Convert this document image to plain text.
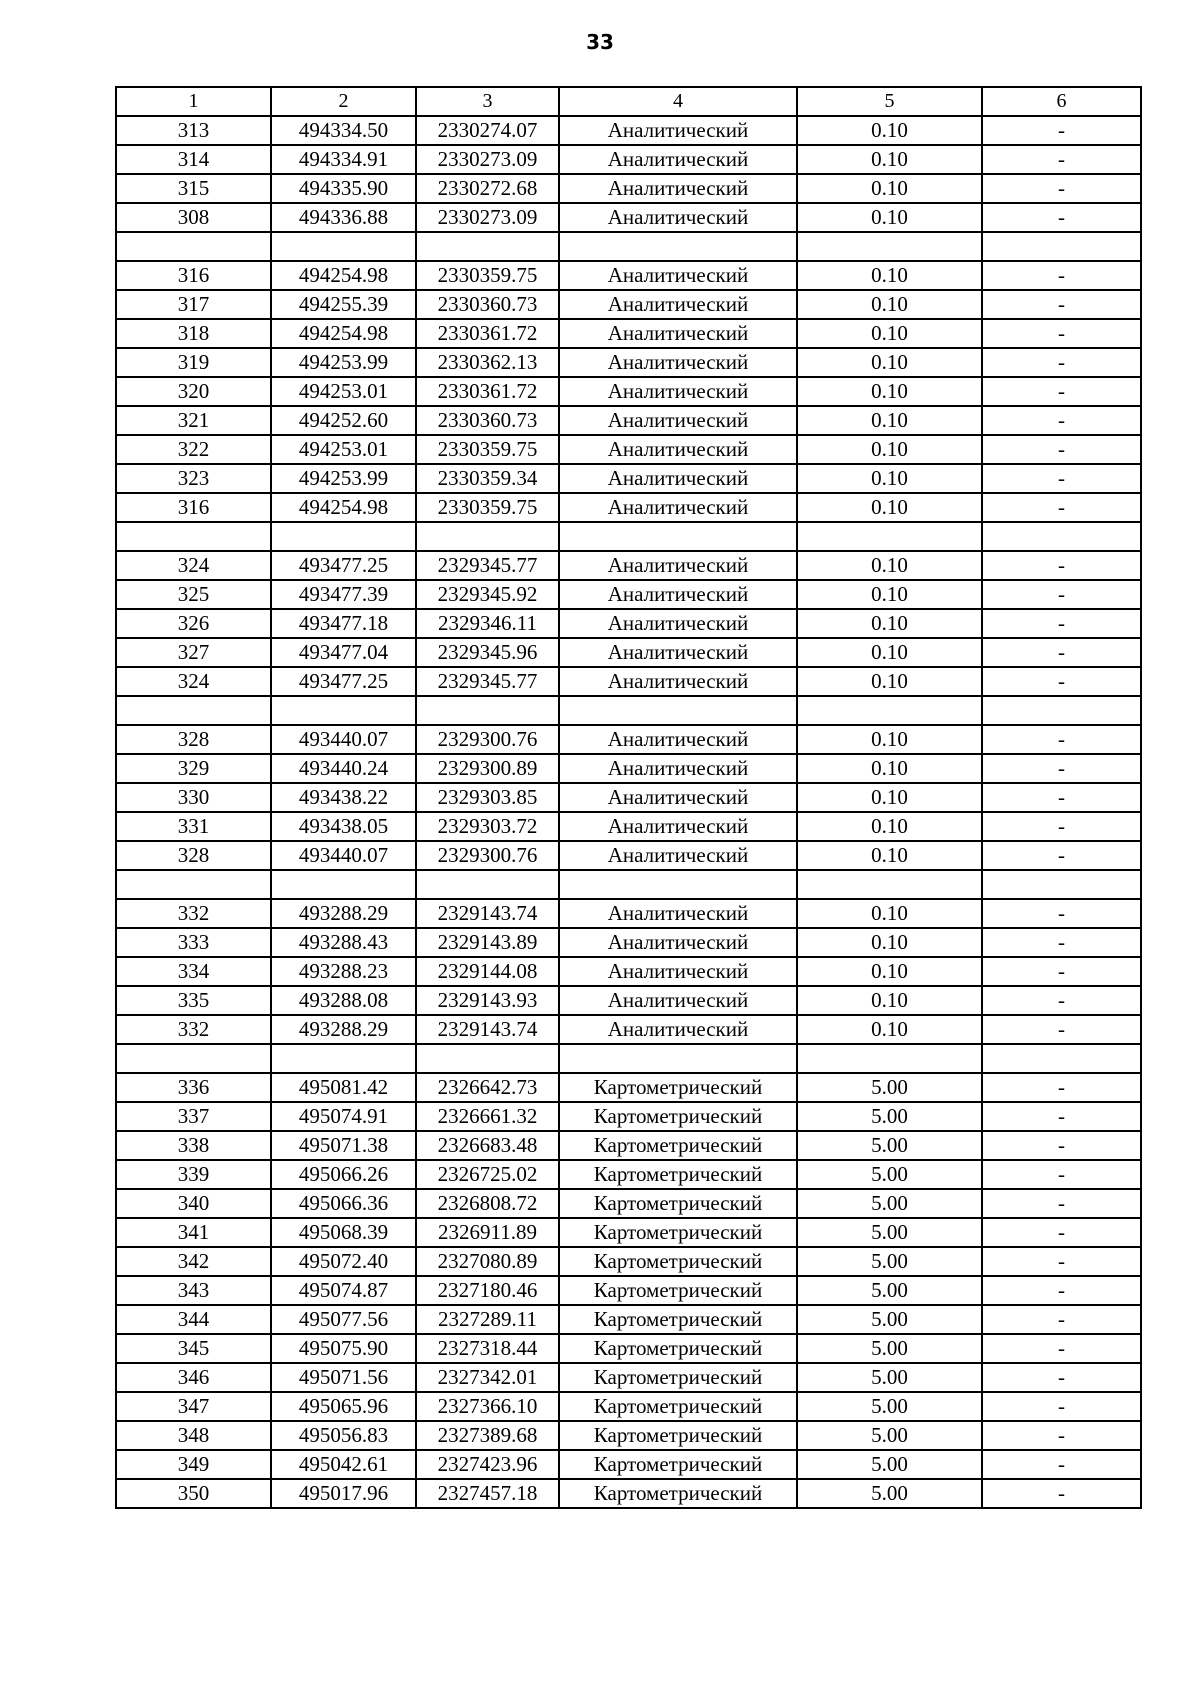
33
1	2	3	4	5	6
313	494334.50	2330274.07	Аналитический	0.10	-
314	494334.91	2330273.09	Аналитический	0.10	-
315	494335.90	2330272.68	Аналитический	0.10	-
308	494336.88	2330273.09	Аналитический	0.10	-

316	494254.98	2330359.75	Аналитический	0.10	-
317	494255.39	2330360.73	Аналитический	0.10	-
318	494254.98	2330361.72	Аналитический	0.10	-
319	494253.99	2330362.13	Аналитический	0.10	-
320	494253.01	2330361.72	Аналитический	0.10	-
321	494252.60	2330360.73	Аналитический	0.10	-
322	494253.01	2330359.75	Аналитический	0.10	-
323	494253.99	2330359.34	Аналитический	0.10	-
316	494254.98	2330359.75	Аналитический	0.10	-

324	493477.25	2329345.77	Аналитический	0.10	-
325	493477.39	2329345.92	Аналитический	0.10	-
326	493477.18	2329346.11	Аналитический	0.10	-
327	493477.04	2329345.96	Аналитический	0.10	-
324	493477.25	2329345.77	Аналитический	0.10	-

328	493440.07	2329300.76	Аналитический	0.10	-
329	493440.24	2329300.89	Аналитический	0.10	-
330	493438.22	2329303.85	Аналитический	0.10	-
331	493438.05	2329303.72	Аналитический	0.10	-
328	493440.07	2329300.76	Аналитический	0.10	-

332	493288.29	2329143.74	Аналитический	0.10	-
333	493288.43	2329143.89	Аналитический	0.10	-
334	493288.23	2329144.08	Аналитический	0.10	-
335	493288.08	2329143.93	Аналитический	0.10	-
332	493288.29	2329143.74	Аналитический	0.10	-

336	495081.42	2326642.73	Картометрический	5.00	-
337	495074.91	2326661.32	Картометрический	5.00	-
338	495071.38	2326683.48	Картометрический	5.00	-
339	495066.26	2326725.02	Картометрический	5.00	-
340	495066.36	2326808.72	Картометрический	5.00	-
341	495068.39	2326911.89	Картометрический	5.00	-
342	495072.40	2327080.89	Картометрический	5.00	-
343	495074.87	2327180.46	Картометрический	5.00	-
344	495077.56	2327289.11	Картометрический	5.00	-
345	495075.90	2327318.44	Картометрический	5.00	-
346	495071.56	2327342.01	Картометрический	5.00	-
347	495065.96	2327366.10	Картометрический	5.00	-
348	495056.83	2327389.68	Картометрический	5.00	-
349	495042.61	2327423.96	Картометрический	5.00	-
350	495017.96	2327457.18	Картометрический	5.00	-
